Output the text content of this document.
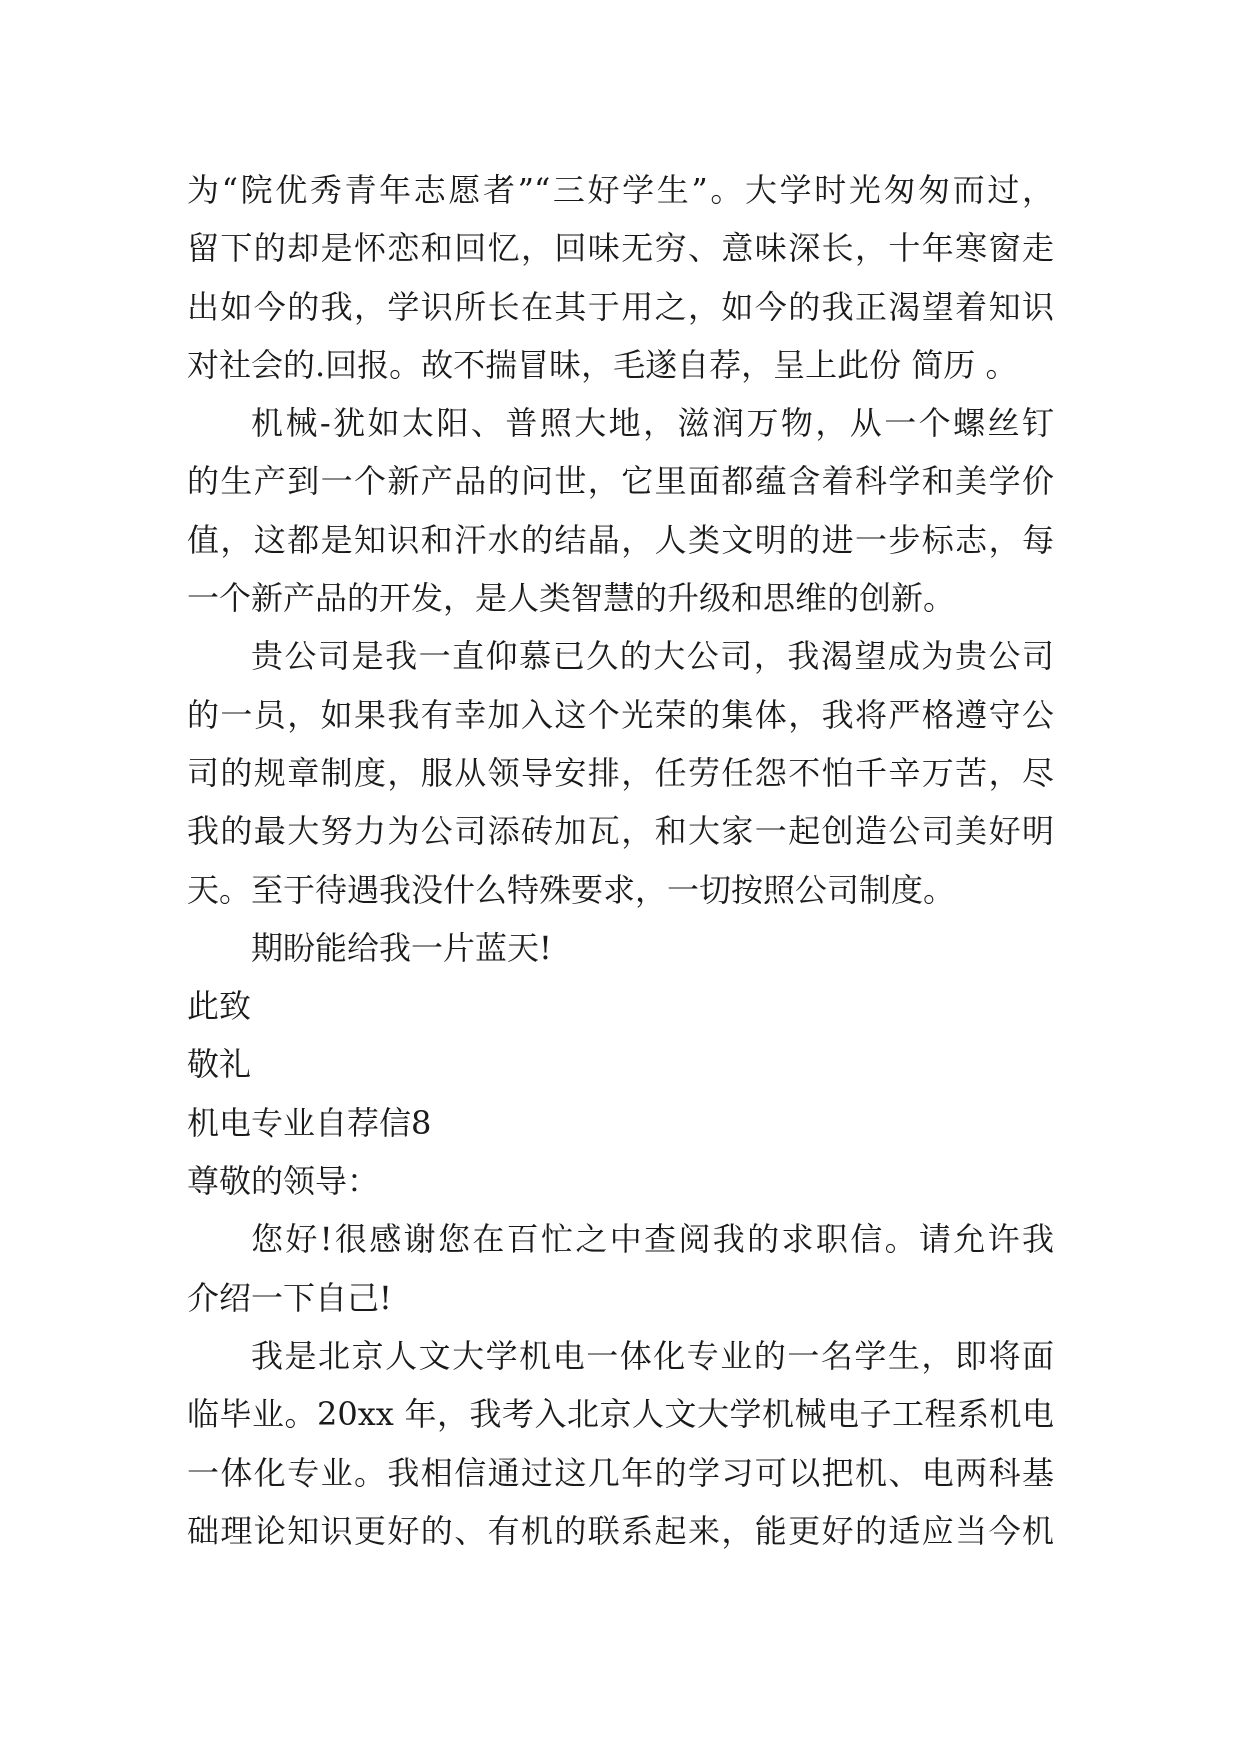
为“院优秀青年志愿者”“三好学生”。大学时光匆匆而过，
留下的却是怀恋和回忆，回味无穷、意味深长，十年寒窗走
出如今的我，学识所长在其于用之，如今的我正渴望着知识
对社会的.回报。故不揣冒昧，毛遂自荐，呈上此份 简历 。
机械-犹如太阳、普照大地，滋润万物，从一个螺丝钉
的生产到一个新产品的问世，它里面都蕴含着科学和美学价
值，这都是知识和汗水的结晶，人类文明的进一步标志，每
一个新产品的开发，是人类智慧的升级和思维的创新。
贵公司是我一直仰慕已久的大公司，我渴望成为贵公司
的一员，如果我有幸加入这个光荣的集体，我将严格遵守公
司的规章制度，服从领导安排，任劳任怨不怕千辛万苦，尽
我的最大努力为公司添砖加瓦，和大家一起创造公司美好明
天。至于待遇我没什么特殊要求，一切按照公司制度。
期盼能给我一片蓝天!
此致
敬礼
机电专业自荐信8
尊敬的领导：
您好!很感谢您在百忙之中查阅我的求职信。请允许我
介绍一下自己!
我是北京人文大学机电一体化专业的一名学生，即将面
临毕业。20xx 年，我考入北京人文大学机械电子工程系机电
一体化专业。我相信通过这几年的学习可以把机、电两科基
础理论知识更好的、有机的联系起来，能更好的适应当今机
